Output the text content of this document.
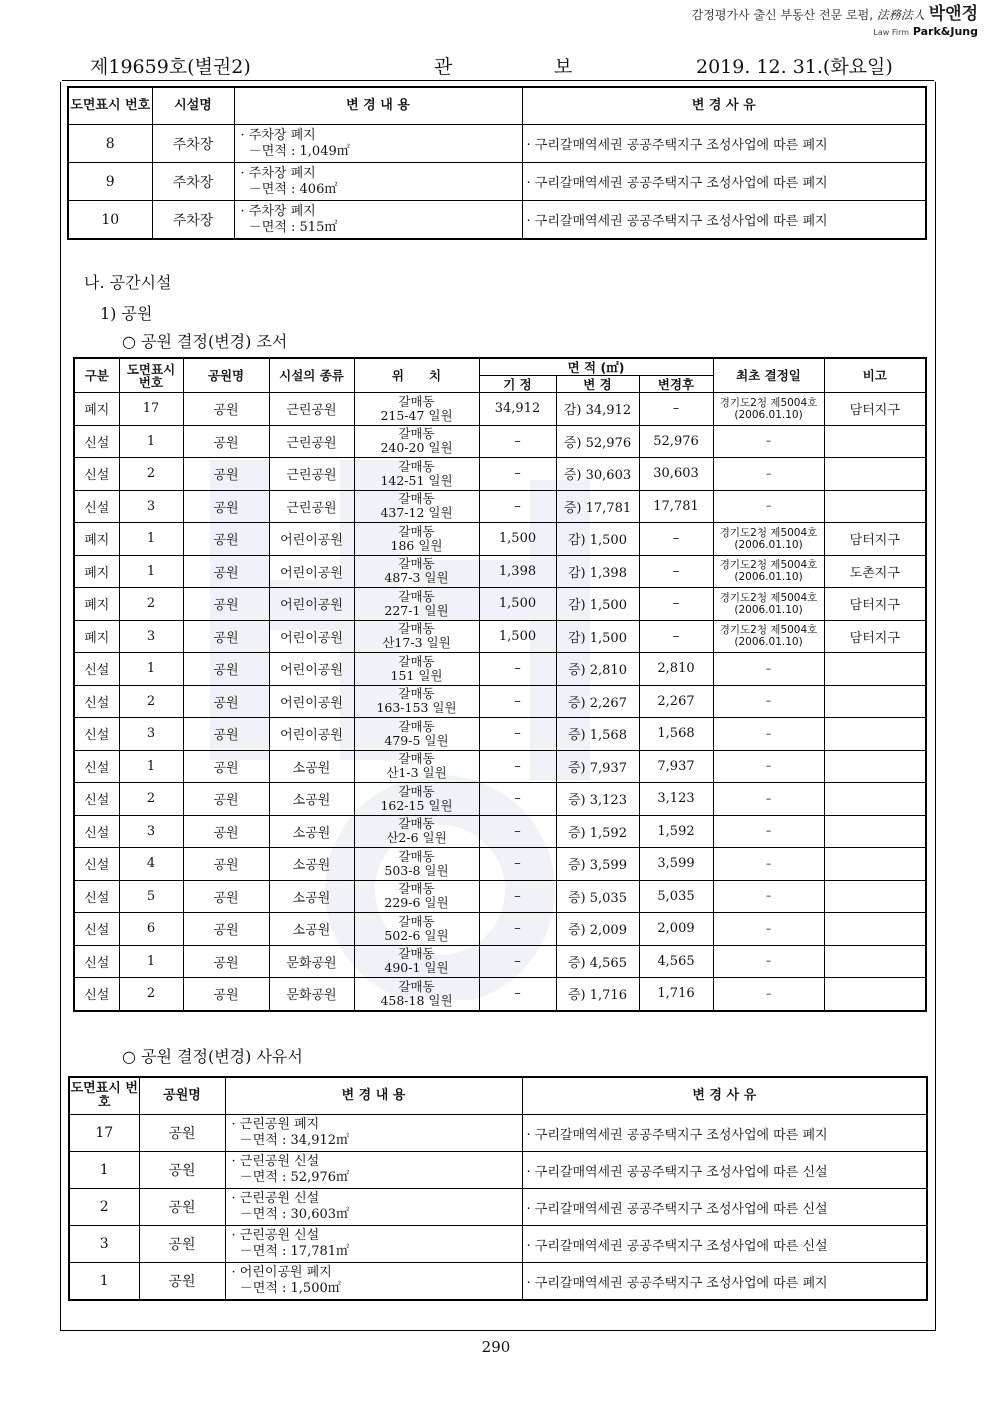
감정평가사 출신 부동산 전문 로펌, 法務法人 박앤정
Law Firm Park&Jung
제19659호(별권2)	관	보	2019. 12. 31.(화요일)
도면표시 번호	시설명	변 경 내 용	변 경 사 유
8	주차장	· 주차장 폐지
－면적 : 1,049㎡	· 구리갈매역세권 공공주택지구 조성사업에 따른 폐지
9	주차장	· 주차장 폐지
－면적 : 406㎡	· 구리갈매역세권 공공주택지구 조성사업에 따른 폐지
10	주차장	· 주차장 폐지
－면적 : 515㎡	· 구리갈매역세권 공공주택지구 조성사업에 따른 폐지
나. 공간시설
1) 공원
○ 공원 결정(변경) 조서
구분	도면표시 번호	공원명	시설의 종류	위　　치	면 적 (㎡)			최초 결정일	비고
					기 정	변 경	변경후		
폐지	17	공원	근린공원	갈매동
215-47 일원	34,912	감) 34,912	–	경기도2청 제5004호
(2006.01.10)	담터지구
신설	1	공원	근린공원	갈매동
240-20 일원	–	증) 52,976	52,976	–	
신설	2	공원	근린공원	갈매동
142-51 일원	–	증) 30,603	30,603	–	
신설	3	공원	근린공원	갈매동
437-12 일원	–	증) 17,781	17,781	–	
폐지	1	공원	어린이공원	갈매동
186 일원	1,500	감) 1,500	–	경기도2청 제5004호
(2006.01.10)	담터지구
폐지	1	공원	어린이공원	갈매동
487-3 일원	1,398	감) 1,398	–	경기도2청 제5004호
(2006.01.10)	도촌지구
폐지	2	공원	어린이공원	갈매동
227-1 일원	1,500	감) 1,500	–	경기도2청 제5004호
(2006.01.10)	담터지구
폐지	3	공원	어린이공원	갈매동
산17-3 일원	1,500	감) 1,500	–	경기도2청 제5004호
(2006.01.10)	담터지구
신설	1	공원	어린이공원	갈매동
151 일원	–	증) 2,810	2,810	–	
신설	2	공원	어린이공원	갈매동
163-153 일원	–	증) 2,267	2,267	–	
신설	3	공원	어린이공원	갈매동
479-5 일원	–	증) 1,568	1,568	–	
신설	1	공원	소공원	갈매동
산1-3 일원	–	증) 7,937	7,937	–	
신설	2	공원	소공원	갈매동
162-15 일원	–	증) 3,123	3,123	–	
신설	3	공원	소공원	갈매동
산2-6 일원	–	증) 1,592	1,592	–	
신설	4	공원	소공원	갈매동
503-8 일원	–	증) 3,599	3,599	–	
신설	5	공원	소공원	갈매동
229-6 일원	–	증) 5,035	5,035	–	
신설	6	공원	소공원	갈매동
502-6 일원	–	증) 2,009	2,009	–	
신설	1	공원	문화공원	갈매동
490-1 일원	–	증) 4,565	4,565	–	
신설	2	공원	문화공원	갈매동
458-18 일원	–	증) 1,716	1,716	–	
○ 공원 결정(변경) 사유서
도면표시 번호	공원명	변 경 내 용	변 경 사 유
17	공원	· 근린공원 폐지
－면적 : 34,912㎡	· 구리갈매역세권 공공주택지구 조성사업에 따른 폐지
1	공원	· 근린공원 신설
－면적 : 52,976㎡	· 구리갈매역세권 공공주택지구 조성사업에 따른 신설
2	공원	· 근린공원 신설
－면적 : 30,603㎡	· 구리갈매역세권 공공주택지구 조성사업에 따른 신설
3	공원	· 근린공원 신설
－면적 : 17,781㎡	· 구리갈매역세권 공공주택지구 조성사업에 따른 신설
1	공원	· 어린이공원 폐지
－면적 : 1,500㎡	· 구리갈매역세권 공공주택지구 조성사업에 따른 폐지
290
